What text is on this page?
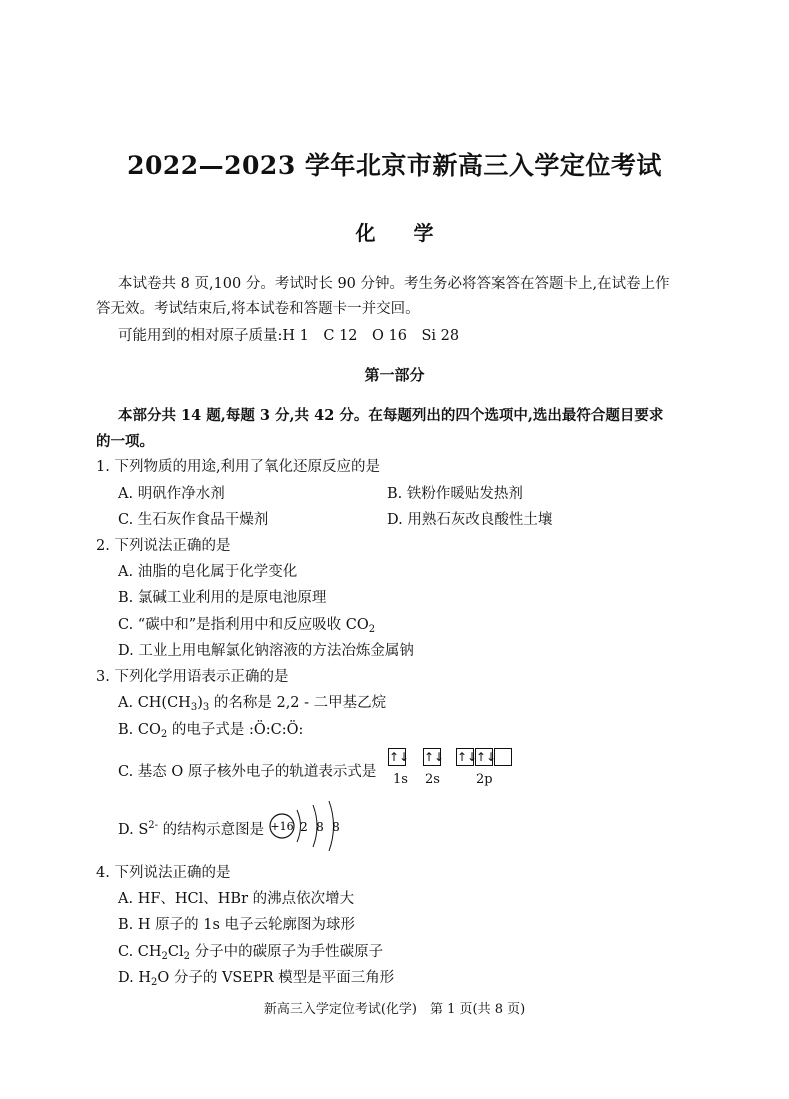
2022—2023 学年北京市新高三入学定位考试
化学
本试卷共 8 页,100 分。考试时长 90 分钟。考生务必将答案答在答题卡上,在试卷上作
答无效。考试结束后,将本试卷和答题卡一并交回。
可能用到的相对原子质量:H 1　C 12　O 16　Si 28
第一部分
本部分共 14 题,每题 3 分,共 42 分。在每题列出的四个选项中,选出最符合题目要求
的一项。
1. 下列物质的用途,利用了氧化还原反应的是
A. 明矾作净水剂	B. 铁粉作暖贴发热剂
C. 生石灰作食品干燥剂	D. 用熟石灰改良酸性土壤
2. 下列说法正确的是
A. 油脂的皂化属于化学变化
B. 氯碱工业利用的是原电池原理
C. “碳中和”是指利用中和反应吸收 $CO_2$
D. 工业上用电解氯化钠溶液的方法冶炼金属钠
3. 下列化学用语表示正确的是
A. $CH(CH_3)_3$ 的名称是 2,2 - 二甲基乙烷
B. $CO_2$ 的电子式是 :Ö:C:Ö:
C. 基态 O 原子核外电子的轨道表示式是
↑↓ ↑↓ ↑↓
↑↓
1s 2s	2p
D. $S^{2-}$ 的结构示意图是 +16 2 8 8
4. 下列说法正确的是
A. HF、HCl、HBr 的沸点依次增大
B. H 原子的 1s 电子云轮廓图为球形
C. $CH_2Cl_2$ 分子中的碳原子为手性碳原子
D. $H_2O$ 分子的 VSEPR 模型是平面三角形
新高三入学定位考试(化学)　第 1 页(共 8 页)
